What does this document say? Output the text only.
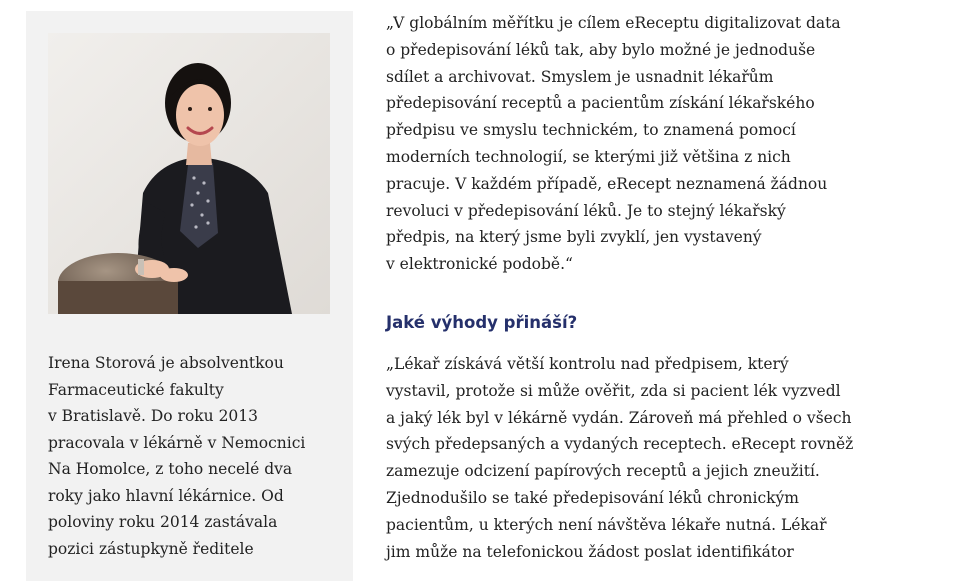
Irena Storová je absolventkou
Farmaceutické fakulty
v Bratislavě. Do roku 2013
pracovala v lékárně v Nemocnici
Na Homolce, z toho necelé dva
roky jako hlavní lékárnice. Od
poloviny roku 2014 zastávala
pozici zástupkyně ředitele

„V globálním měřítku je cílem eReceptu digitalizovat data
o předepisování léků tak, aby bylo možné je jednoduše
sdílet a archivovat. Smyslem je usnadnit lékařům
předepisování receptů a pacientům získání lékařského
předpisu ve smyslu technickém, to znamená pomocí
moderních technologií, se kterými již většina z nich
pracuje. V každém případě, eRecept neznamená žádnou
revoluci v předepisování léků. Je to stejný lékařský
předpis, na který jsme byli zvyklí, jen vystavený
v elektronické podobě.“

Jaké výhody přináší?

„Lékař získává větší kontrolu nad předpisem, který
vystavil, protože si může ověřit, zda si pacient lék vyzvedl
a jaký lék byl v lékárně vydán. Zároveň má přehled o všech
svých předepsaných a vydaných receptech. eRecept rovněž
zamezuje odcizení papírových receptů a jejich zneužití.
Zjednodušilo se také předepisování léků chronickým
pacientům, u kterých není návštěva lékaře nutná. Lékař
jim může na telefonickou žádost poslat identifikátor
